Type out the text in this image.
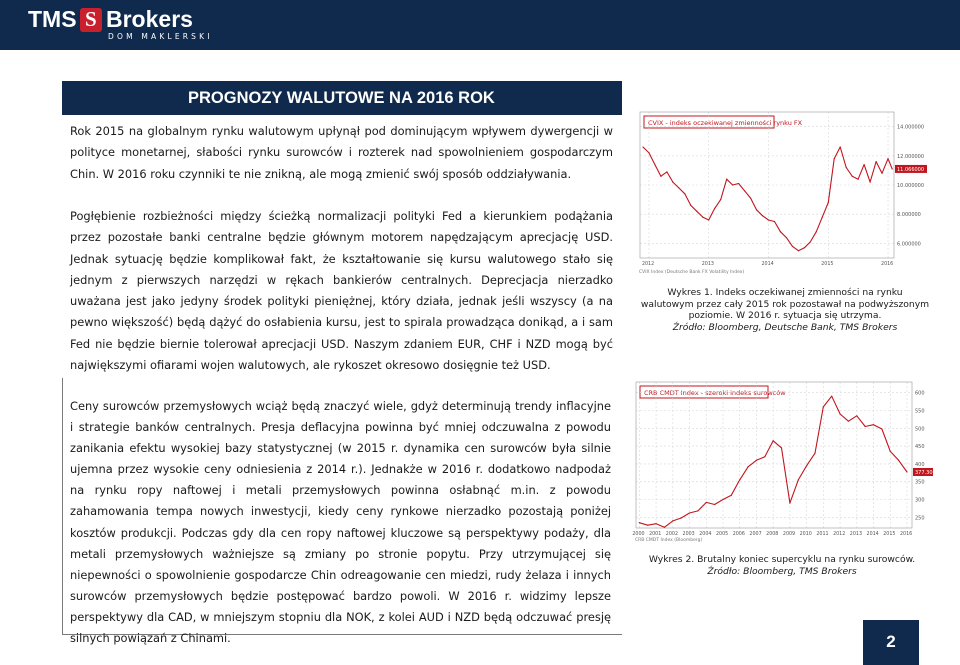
TMS S Brokers
DOM MAKLERSKI
PROGNOZY WALUTOWE NA 2016 ROK

Rok 2015 na globalnym rynku walutowym upłynął pod dominującym wpływem dywergencji w polityce monetarnej, słabości rynku surowców i rozterek nad spowolnieniem gospodarczym Chin. W 2016 roku czynniki te nie znikną, ale mogą zmienić swój sposób oddziaływania.

Pogłębienie rozbieżności między ścieżką normalizacji polityki Fed a kierunkiem podążania przez pozostałe banki centralne będzie głównym motorem napędzającym aprecjację USD. Jednak sytuację będzie komplikował fakt, że kształtowanie się kursu walutowego stało się jednym z pierwszych narzędzi w rękach bankierów centralnych. Deprecjacja nierzadko uważana jest jako jedyny środek polityki pieniężnej, który działa, jednak jeśli wszyscy (a na pewno większość) będą dążyć do osłabienia kursu, jest to spirala prowadząca donikąd, a i sam Fed nie będzie biernie tolerował aprecjacji USD. Naszym zdaniem EUR, CHF i NZD mogą być największymi ofiarami wojen walutowych, ale rykoszet okresowo dosięgnie też USD.

Ceny surowców przemysłowych wciąż będą znaczyć wiele, gdyż determinują trendy inflacyjne i strategie banków centralnych. Presja deflacyjna powinna być mniej odczuwalna z powodu zanikania efektu wysokiej bazy statystycznej (w 2015 r. dynamika cen surowców była silnie ujemna przez wysokie ceny odniesienia z 2014 r.). Jednakże w 2016 r. dodatkowo nadpodaż na rynku ropy naftowej i metali przemysłowych powinna osłabnąć m.in. z powodu zahamowania tempa nowych inwestycji, kiedy ceny rynkowe nierzadko pozostają poniżej kosztów produkcji. Podczas gdy dla cen ropy naftowej kluczowe są perspektywy podaży, dla metali przemysłowych ważniejsze są zmiany po stronie popytu. Przy utrzymującej się niepewności o spowolnienie gospodarcze Chin odreagowanie cen miedzi, rudy żelaza i innych surowców przemysłowych będzie postępować bardzo powoli. W 2016 r. widzimy lepsze perspektywy dla CAD, w mniejszym stopniu dla NOK, z kolei AUD i NZD będą odczuwać presję silnych powiązań z Chinami.

CVIX - indeks oczekiwanej zmienności rynku FX
14.000000
12.000000
10.000000
8.000000
6.000000
2012	2013	2014	2015	2016
11.066000
CVIX Index (Deutsche Bank FX Volatility Index)
Wykres 1. Indeks oczekiwanej zmienności na rynku walutowym przez cały 2015 rok pozostawał na podwyższonym poziomie. W 2016 r. sytuacja się utrzyma.
Źródło: Bloomberg, Deutsche Bank, TMS Brokers
CRB CMDT Index - szeroki indeks surowców	600
550
500
450
400
350
300
250
2000 2001 2002 2003 2004 2005 2006 2007 2008 2009 2010 2011 2012 2013 2014 2015 2016
377.30
CRB CMDT Index (Bloomberg)
Wykres 2. Brutalny koniec supercyklu na rynku surowców.
Źródło: Bloomberg, TMS Brokers
2
